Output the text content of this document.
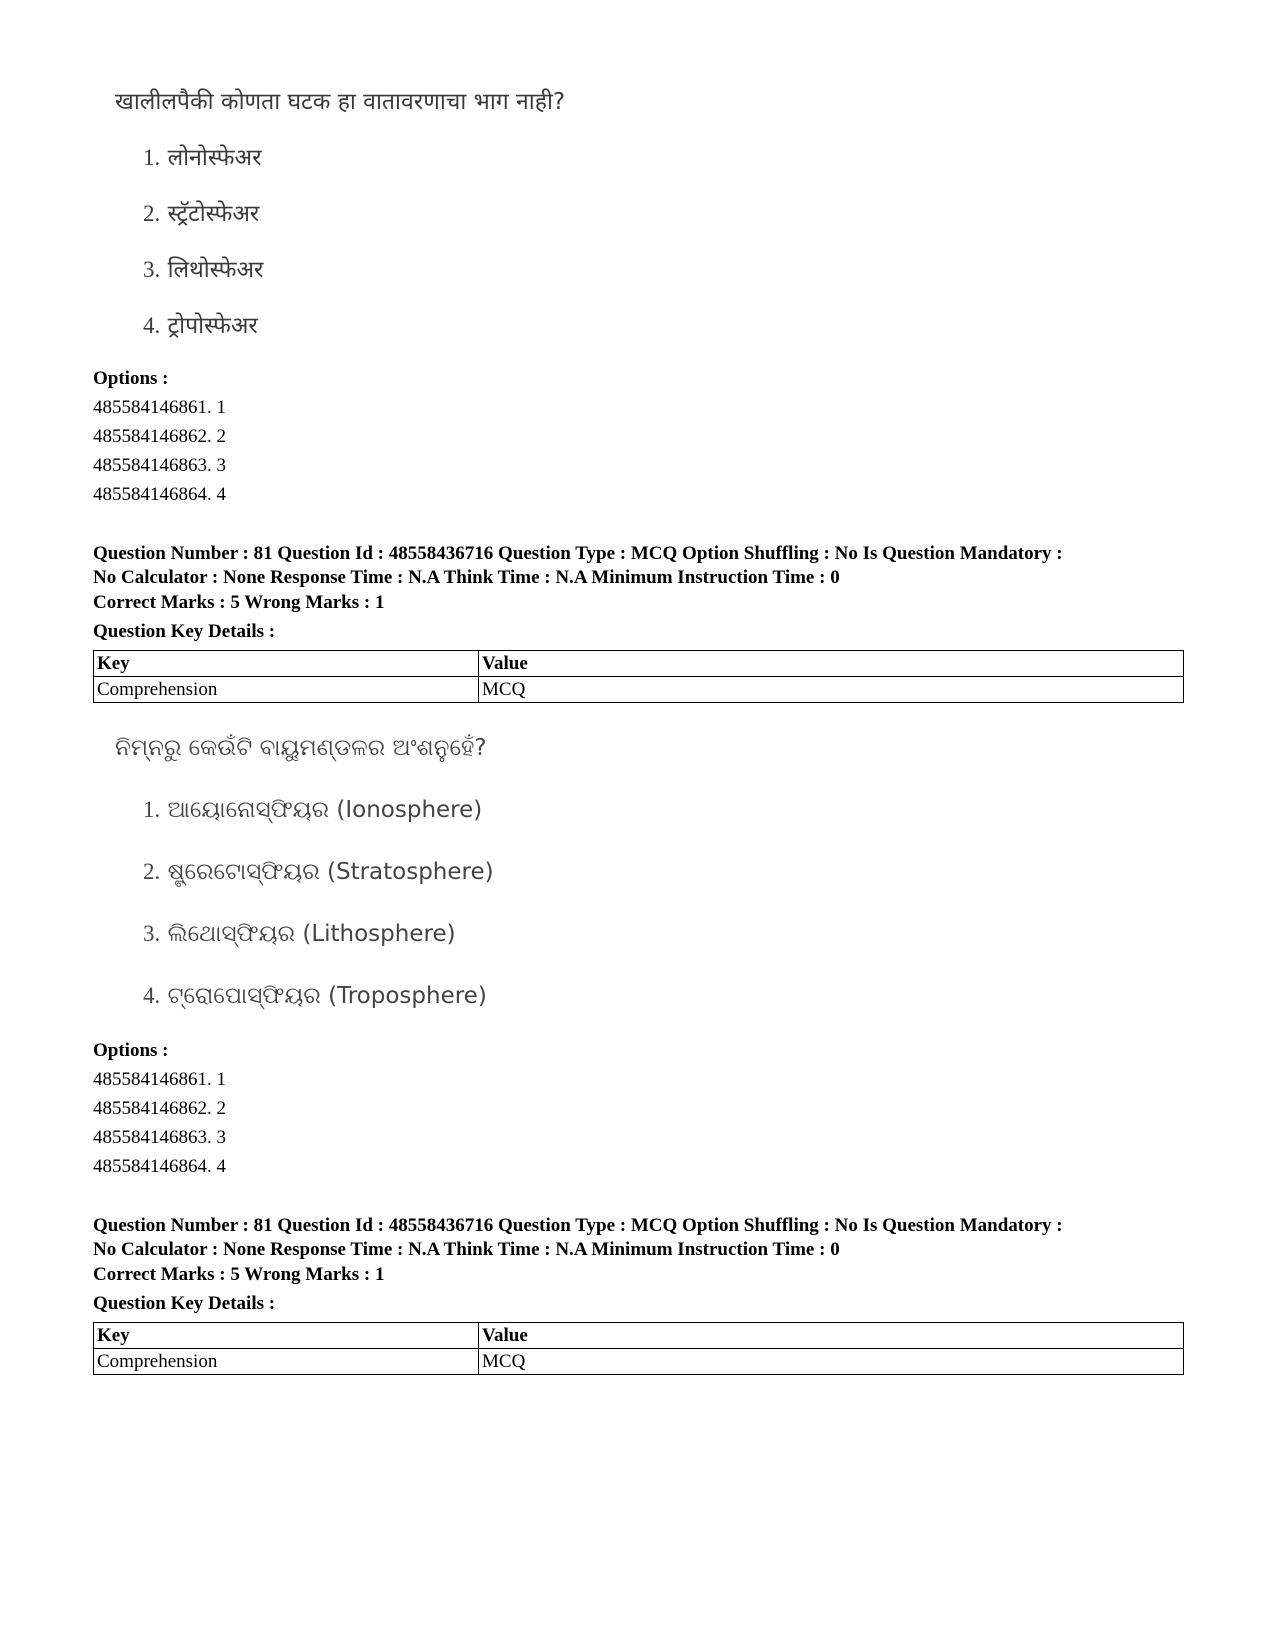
खालीलपैकी कोणता घटक हा वातावरणाचा भाग नाही?
1. लोनोस्फेअर
2. स्ट्रॅटोस्फेअर
3. लिथोस्फेअर
4. ट्रोपोस्फेअर
Options :
485584146861. 1
485584146862. 2
485584146863. 3
485584146864. 4
Question Number : 81 Question Id : 48558436716 Question Type : MCQ Option Shuffling : No Is Question Mandatory :
No Calculator : None Response Time : N.A Think Time : N.A Minimum Instruction Time : 0
Correct Marks : 5 Wrong Marks : 1
Question Key Details :
Key	Value
Comprehension	MCQ
ନିମ୍ନରୁ କେଉଁଟି ବାୟୁମଣ୍ଡଳର ଅଂଶନୁହେଁ?
1. ଆୟୋନୋସ୍ଫିୟର (Ionosphere)
2. ଷ୍ଟ୍ରେଟୋସ୍ଫିୟର (Stratosphere)
3. ଲିଥୋସ୍ଫିୟର (Lithosphere)
4. ଟ୍ରୋପୋସ୍ଫିୟର (Troposphere)
Options :
485584146861. 1
485584146862. 2
485584146863. 3
485584146864. 4
Question Number : 81 Question Id : 48558436716 Question Type : MCQ Option Shuffling : No Is Question Mandatory :
No Calculator : None Response Time : N.A Think Time : N.A Minimum Instruction Time : 0
Correct Marks : 5 Wrong Marks : 1
Question Key Details :
Key	Value
Comprehension	MCQ
